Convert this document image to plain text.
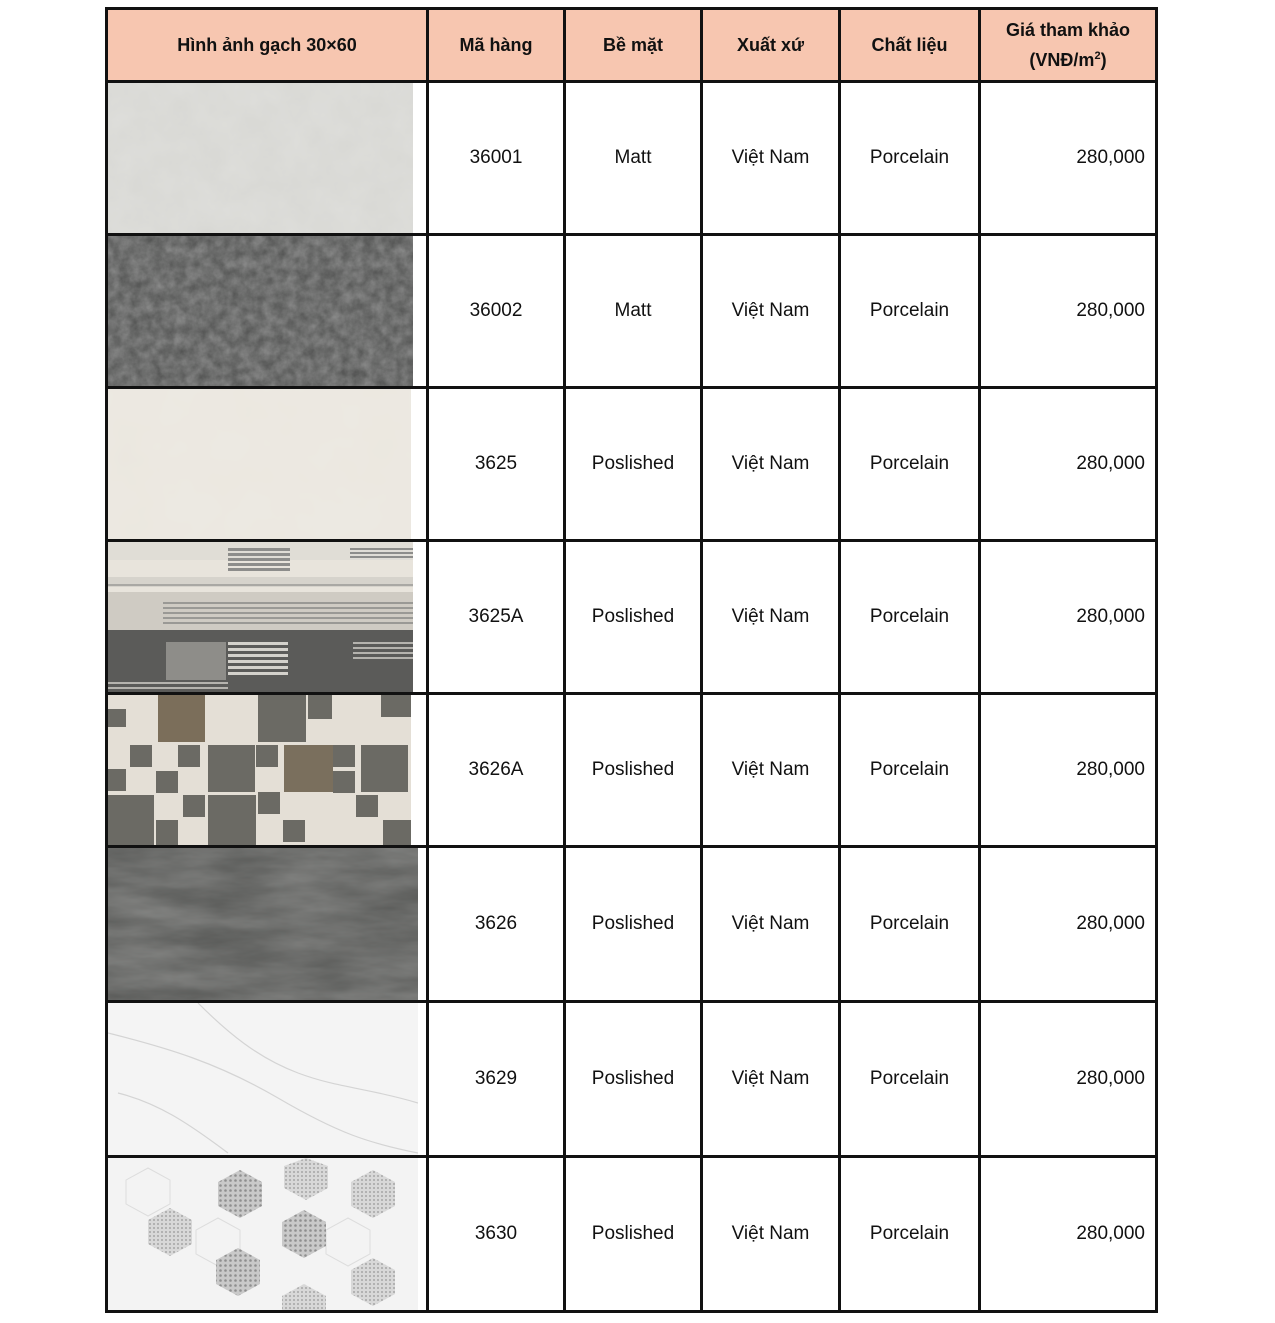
Hình ảnh gạch 30×60	Mã hàng	Bề mặt	Xuất xứ	Chất liệu	Giá tham khảo
$(VNĐ/m^2)$

	36001	Matt	Việt Nam	Porcelain	280,000

	36002	Matt	Việt Nam	Porcelain	280,000

	3625	Poslished	Việt Nam	Porcelain	280,000

	3625A	Poslished	Việt Nam	Porcelain	280,000

	3626A	Poslished	Việt Nam	Porcelain	280,000

	3626	Poslished	Việt Nam	Porcelain	280,000

	3629	Poslished	Việt Nam	Porcelain	280,000

	3630	Poslished	Việt Nam	Porcelain	280,000
